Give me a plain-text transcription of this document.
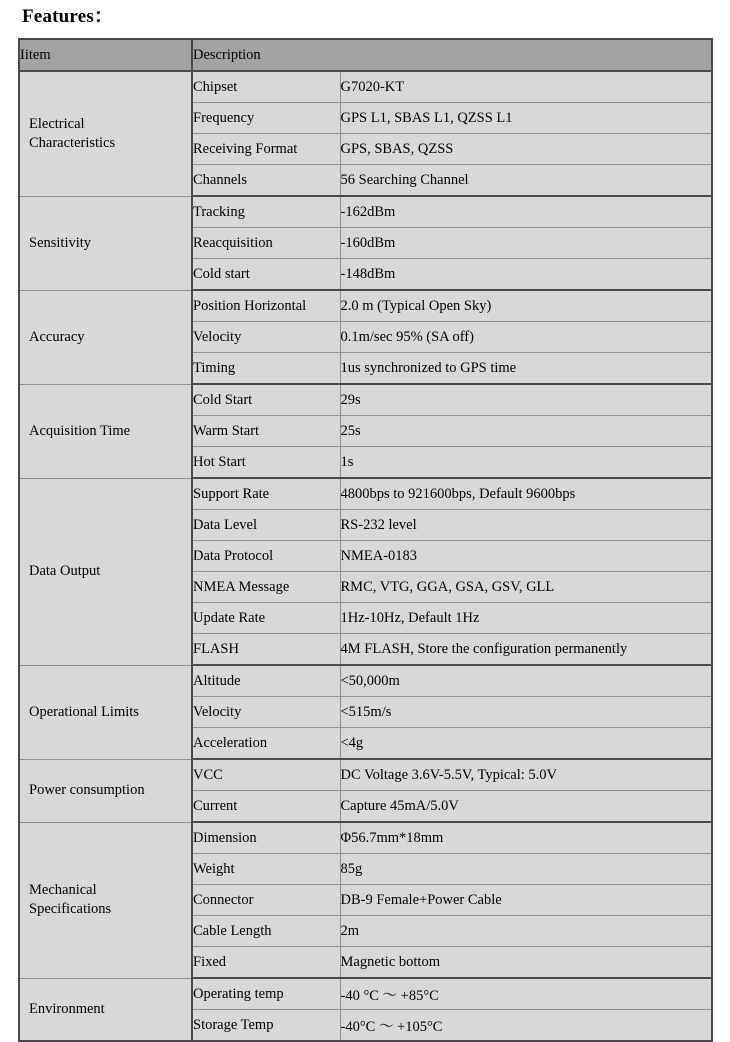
Features：
Iitem	Description	

Electrical
Characteristics	Chipset	G7020-KT
	Frequency	GPS L1, SBAS L1, QZSS L1
	Receiving Format	GPS, SBAS, QZSS
	Channels	56 Searching Channel

Sensitivity	Tracking	-162dBm
	Reacquisition	-160dBm
	Cold start	-148dBm

Accuracy	Position Horizontal	2.0 m (Typical Open Sky)
	Velocity	0.1m/sec 95% (SA off)
	Timing	1us synchronized to GPS time

Acquisition Time	Cold Start	29s
	Warm Start	25s
	Hot Start	1s

Data Output	Support Rate	4800bps to 921600bps, Default 9600bps
	Data Level	RS-232 level
	Data Protocol	NMEA-0183
	NMEA Message	RMC, VTG, GGA, GSA, GSV, GLL
	Update Rate	1Hz-10Hz, Default 1Hz
	FLASH	4M FLASH, Store the configuration permanently

Operational Limits	Altitude	<50,000m
	Velocity	<515m/s
	Acceleration	<4g

Power consumption	VCC	DC Voltage 3.6V-5.5V, Typical: 5.0V
	Current	Capture 45mA/5.0V

Mechanical
Specifications	Dimension	Φ56.7mm*18mm
	Weight	85g
	Connector	DB-9 Female+Power Cable
	Cable Length	2m
	Fixed	Magnetic bottom

Environment	Operating temp	-40 °C ～ +85°C
	Storage Temp	-40°C ～ +105°C
